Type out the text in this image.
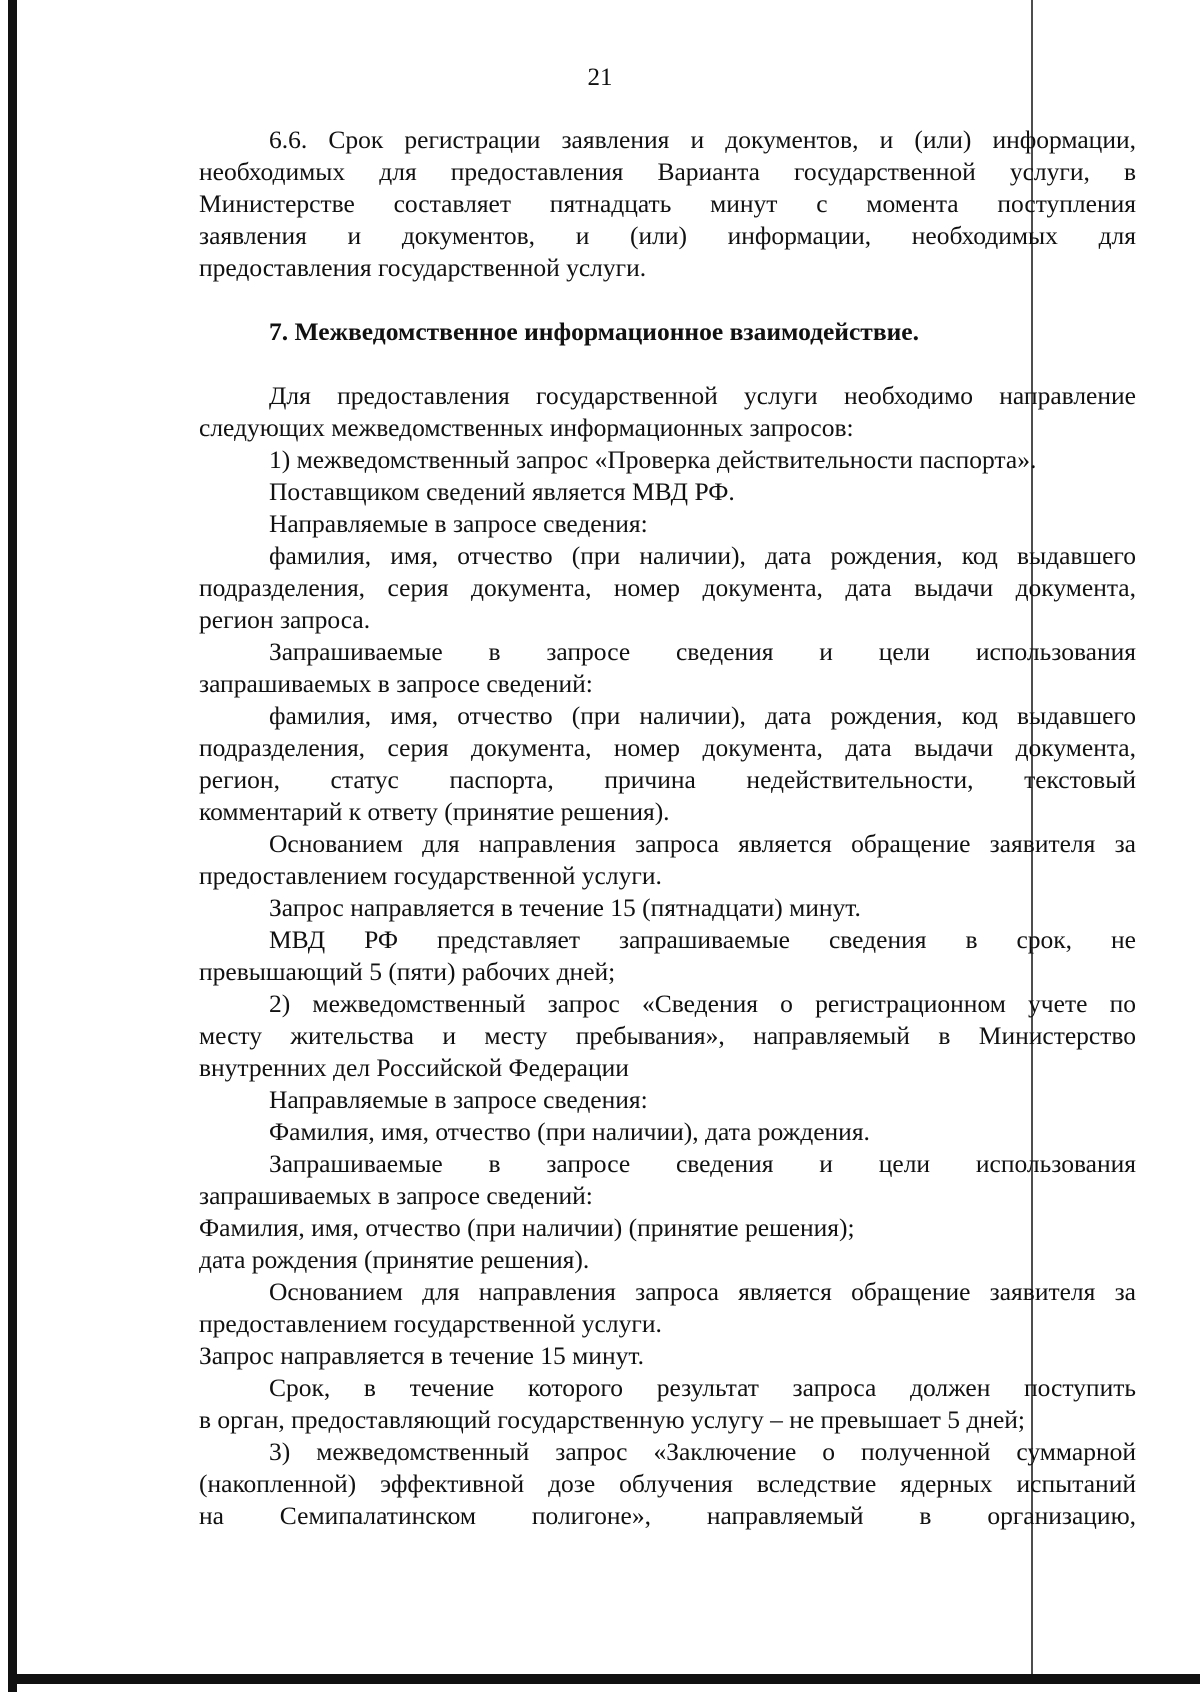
21
6.6. Срок регистрации заявления и документов, и (или) информации,
необходимых для предоставления Варианта государственной услуги, в
Министерстве составляет пятнадцать минут с момента поступления
заявления и документов, и (или) информации, необходимых для
предоставления государственной услуги.
7. Межведомственное информационное взаимодействие.
Для предоставления государственной услуги необходимо направление
следующих межведомственных информационных запросов:
1) межведомственный запрос «Проверка действительности паспорта».
Поставщиком сведений является МВД РФ.
Направляемые в запросе сведения:
фамилия, имя, отчество (при наличии), дата рождения, код выдавшего
подразделения, серия документа, номер документа, дата выдачи документа,
регион запроса.
Запрашиваемые в запросе сведения и цели использования
запрашиваемых в запросе сведений:
фамилия, имя, отчество (при наличии), дата рождения, код выдавшего
подразделения, серия документа, номер документа, дата выдачи документа,
регион, статус паспорта, причина недействительности, текстовый
комментарий к ответу (принятие решения).
Основанием для направления запроса является обращение заявителя за
предоставлением государственной услуги.
Запрос направляется в течение 15 (пятнадцати) минут.
МВД РФ представляет запрашиваемые сведения в срок, не
превышающий 5 (пяти) рабочих дней;
2) межведомственный запрос «Сведения о регистрационном учете по
месту жительства и месту пребывания», направляемый в Министерство
внутренних дел Российской Федерации
Направляемые в запросе сведения:
Фамилия, имя, отчество (при наличии), дата рождения.
Запрашиваемые в запросе сведения и цели использования
запрашиваемых в запросе сведений:
Фамилия, имя, отчество (при наличии) (принятие решения);
дата рождения (принятие решения).
Основанием для направления запроса является обращение заявителя за
предоставлением государственной услуги.
Запрос направляется в течение 15 минут.
Срок, в течение которого результат запроса должен поступить
в орган, предоставляющий государственную услугу – не превышает 5 дней;
3) межведомственный запрос «Заключение о полученной суммарной
(накопленной) эффективной дозе облучения вследствие ядерных испытаний
на Семипалатинском полигоне», направляемый в организацию,
